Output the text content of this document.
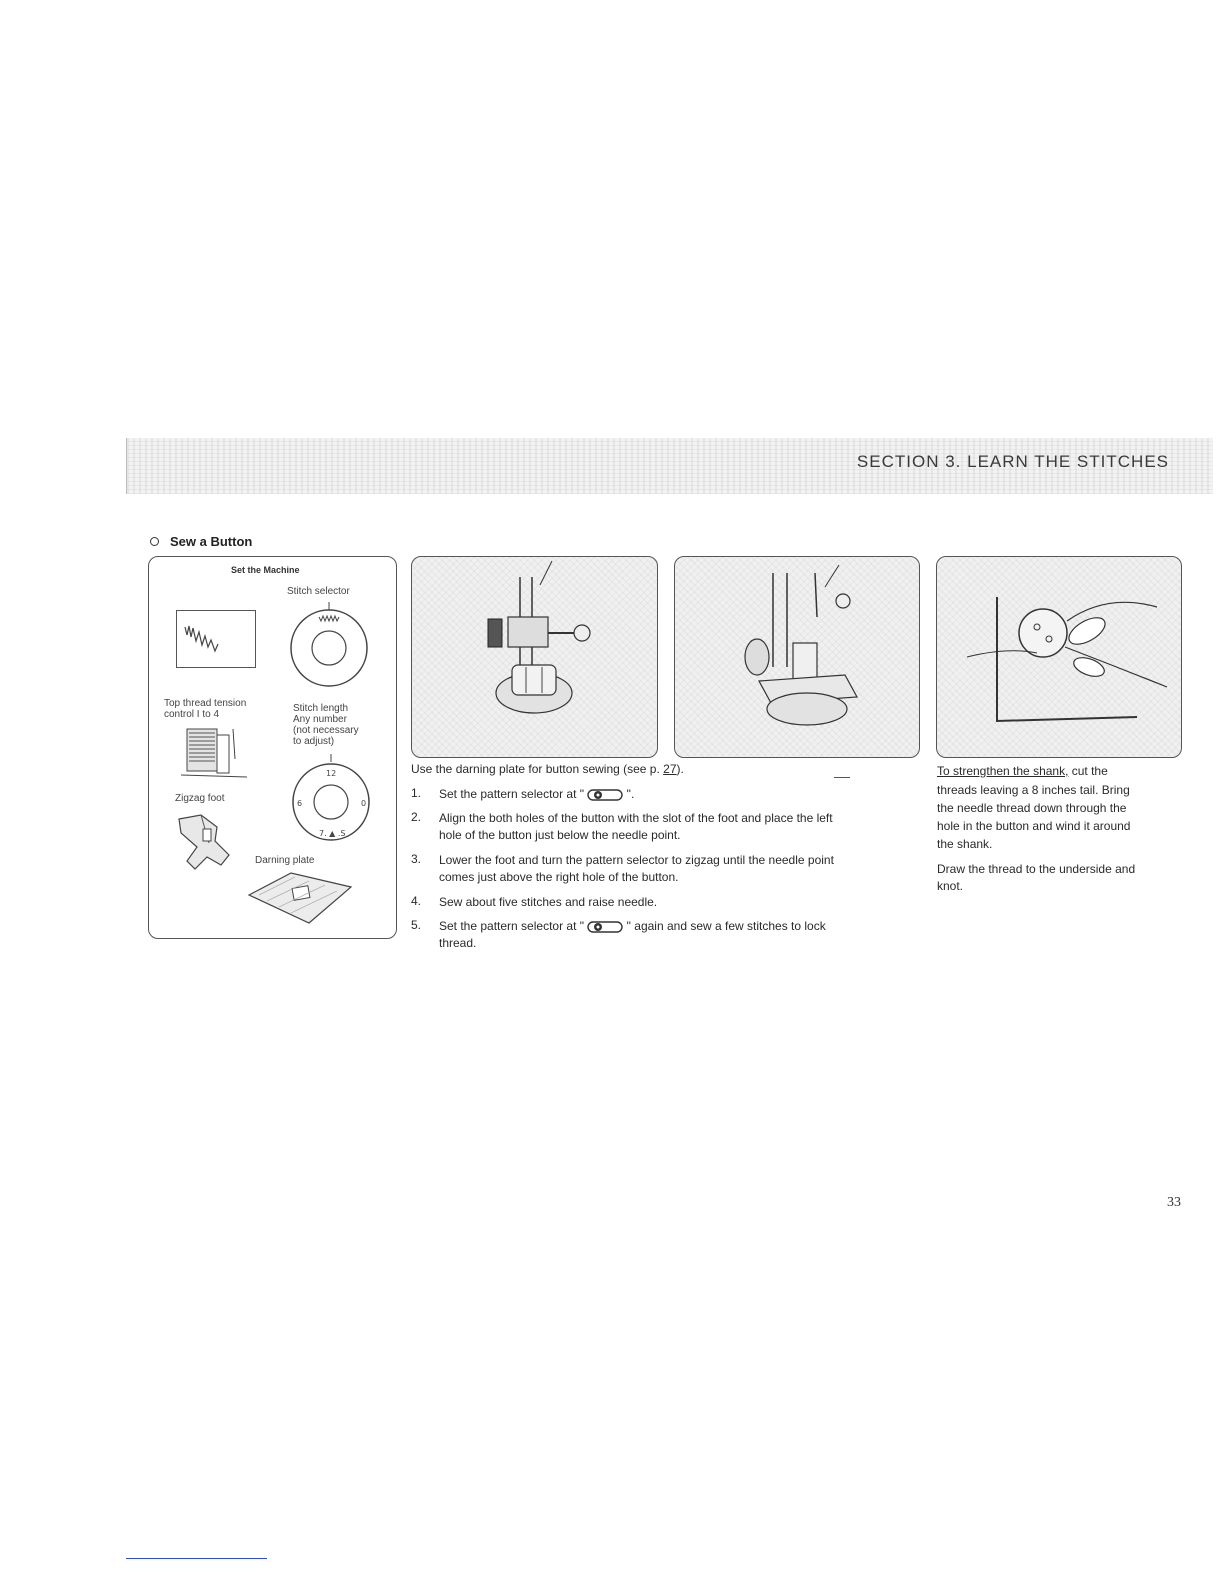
SECTION 3. LEARN THE STITCHES
Sew a Button
Set the Machine
Stitch selector
Top thread tension
control I to 4
Stitch length
Any number
(not necessary
to adjust)
12
6	0
7. ▲ .S
Zigzag foot
Darning plate
Use the darning plate for button sewing (see p. 27).
1. Set the pattern selector at "	".
2. Align the both holes of the button with the slot of the foot and place the left
hole of the button just below the needle point.
3. Lower the foot and turn the pattern selector to zigzag until the needle point
comes just above the right hole of the button.
4. Sew about five stitches and raise needle.
5. Set the pattern selector at "	" again and sew a few stitches to lock
thread.
To strengthen the shank, cut the
threads leaving a 8 inches tail. Bring
the needle thread down through the
hole in the button and wind it around
the shank.
Draw the thread to the underside and
knot.
33
